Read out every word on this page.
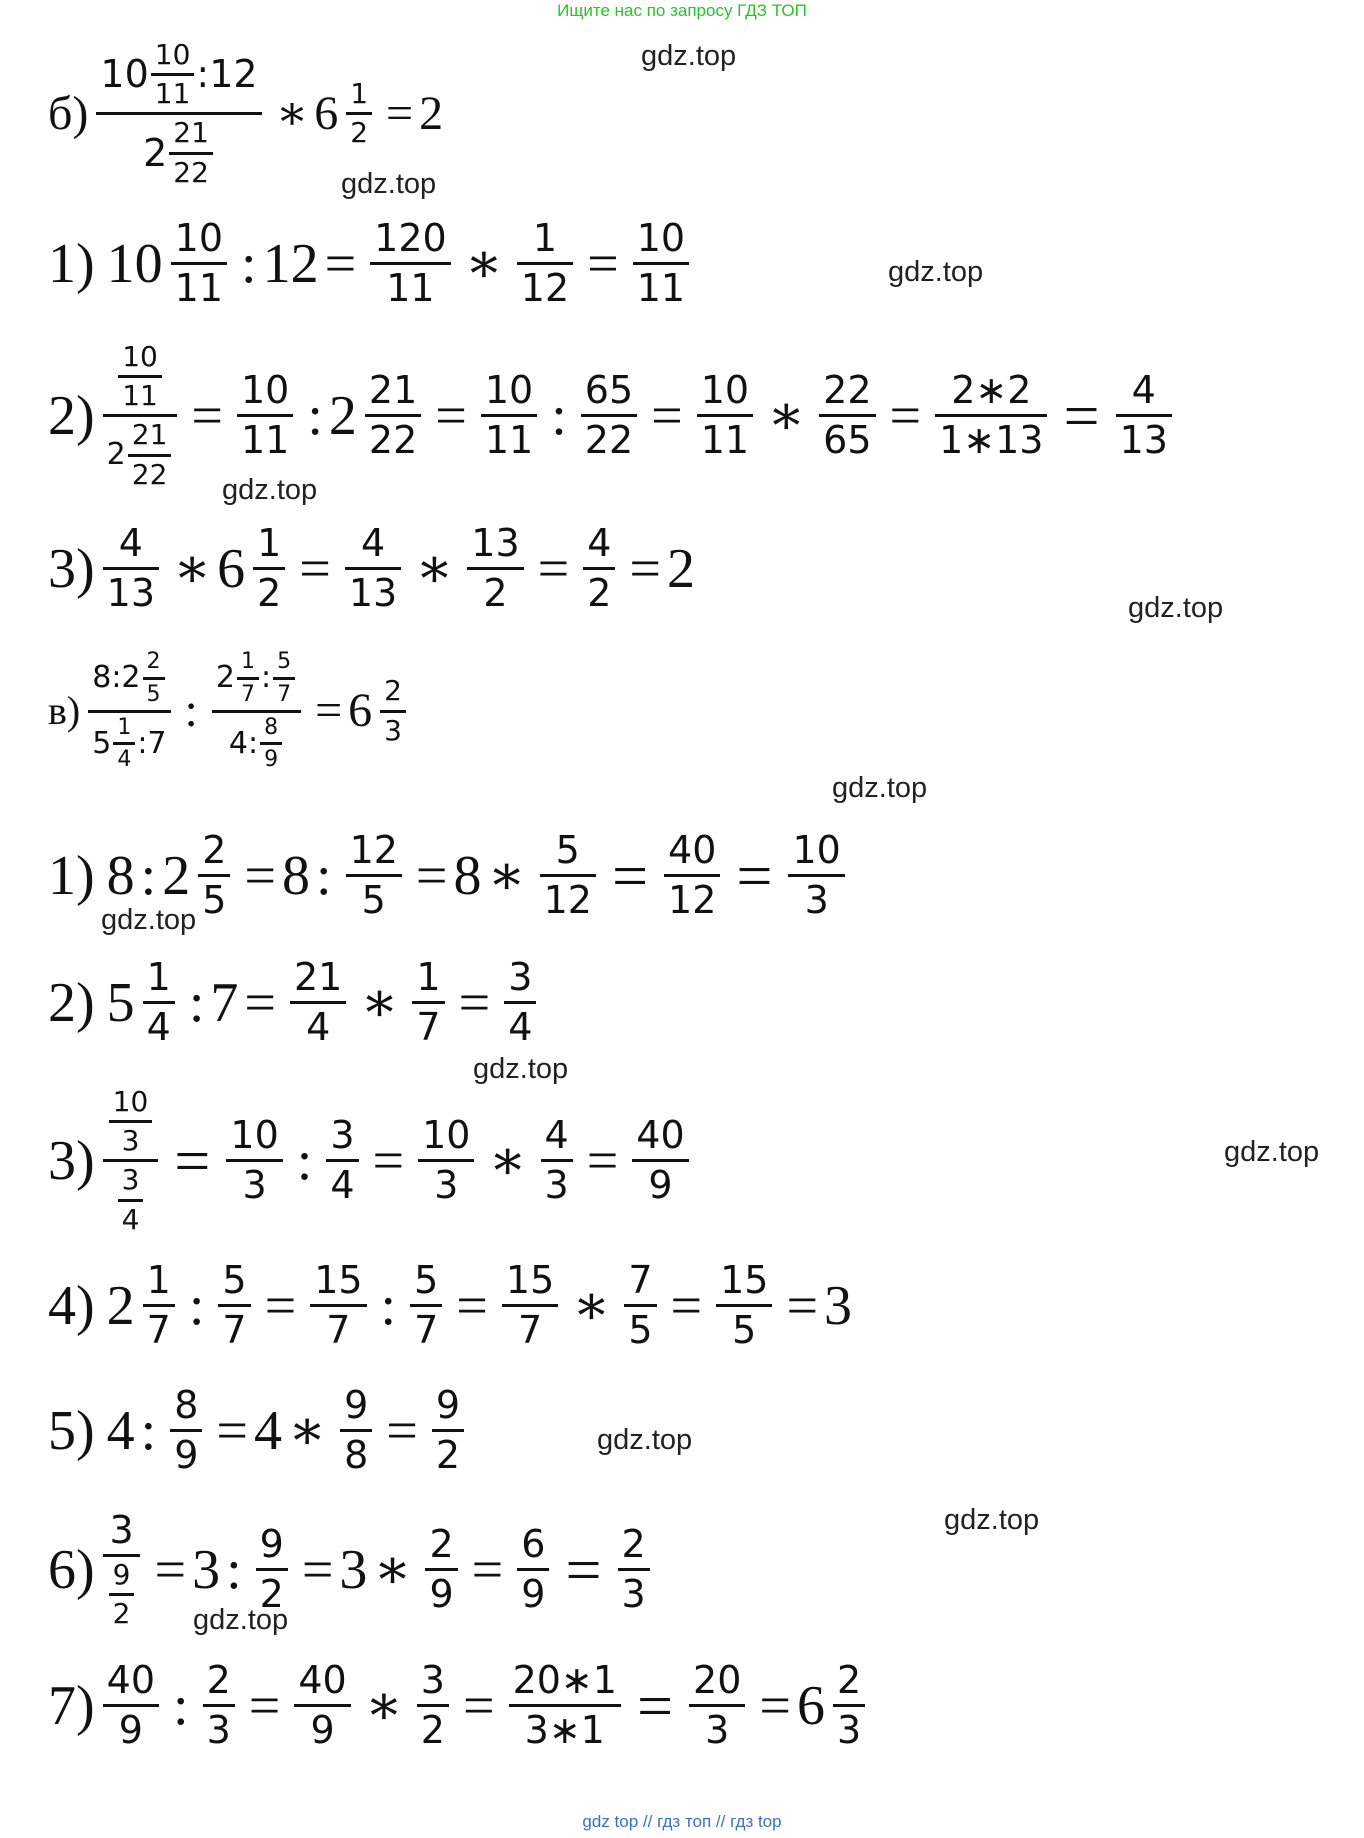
Ищите нас по запросу ГДЗ ТОП
gdz.top
gdz.top
gdz.top
gdz.top
gdz.top
gdz.top
gdz.top
gdz.top
gdz.top
gdz.top
gdz.top
gdz.top
$б) \frac{10 \frac{10}{11} : 12}{2 \frac{21}{22}}$ ∗ $6 \frac{1}{2} = 2$
1) $10 \frac{10}{11}$ : $12 = \frac{120}{11}$ ∗ $\frac{1}{12} = \frac{10}{11}$
$2) \frac{\frac{10}{11}}{2 \frac{21}{22}} = \frac{10}{11}$ : $2 \frac{21}{22} = \frac{10}{11}$ : $\frac{65}{22} = \frac{10}{11}$ ∗ $\frac{22}{65} = \frac{2∗2}{1∗13} = \frac{4}{13}$
$3) \frac{4}{13}$ ∗ $6 \frac{1}{2} = \frac{4}{13}$ ∗ $\frac{13}{2} = \frac{4}{2} = 2$
$в) \frac{8 : 2 \frac{2}{5}}{5 \frac{1}{4} : 7}$ : $\frac{2 \frac{1}{7} : \frac{5}{7}}{4 : \frac{8}{9}} = 6 \frac{2}{3}$
1) 8 : $2 \frac{2}{5} = 8$ : $\frac{12}{5} = 8$ ∗ $\frac{5}{12} = \frac{40}{12} = \frac{10}{3}$
2) $5 \frac{1}{4}$ : $7 = \frac{21}{4}$ ∗ $\frac{1}{7} = \frac{3}{4}$
$3) \frac{\frac{10}{3}}{\frac{3}{4}} = \frac{10}{3}$ : $\frac{3}{4} = \frac{10}{3}$ ∗ $\frac{4}{3} = \frac{40}{9}$
4) $2 \frac{1}{7}$ : $\frac{5}{7} = \frac{15}{7}$ : $\frac{5}{7} = \frac{15}{7}$ ∗ $\frac{7}{5} = \frac{15}{5} = 3$
5) 4 : $\frac{8}{9} = 4$ ∗ $\frac{9}{8} = \frac{9}{2}$
$6) \frac{3}{\frac{9}{2}} = 3$ : $\frac{9}{2} = 3$ ∗ $\frac{2}{9} = \frac{6}{9} = \frac{2}{3}$
$7) \frac{40}{9}$ : $\frac{2}{3} = \frac{40}{9}$ ∗ $\frac{3}{2} = \frac{20∗1}{3∗1} = \frac{20}{3} = 6 \frac{2}{3}$
gdz top // гдз топ // гдз top
